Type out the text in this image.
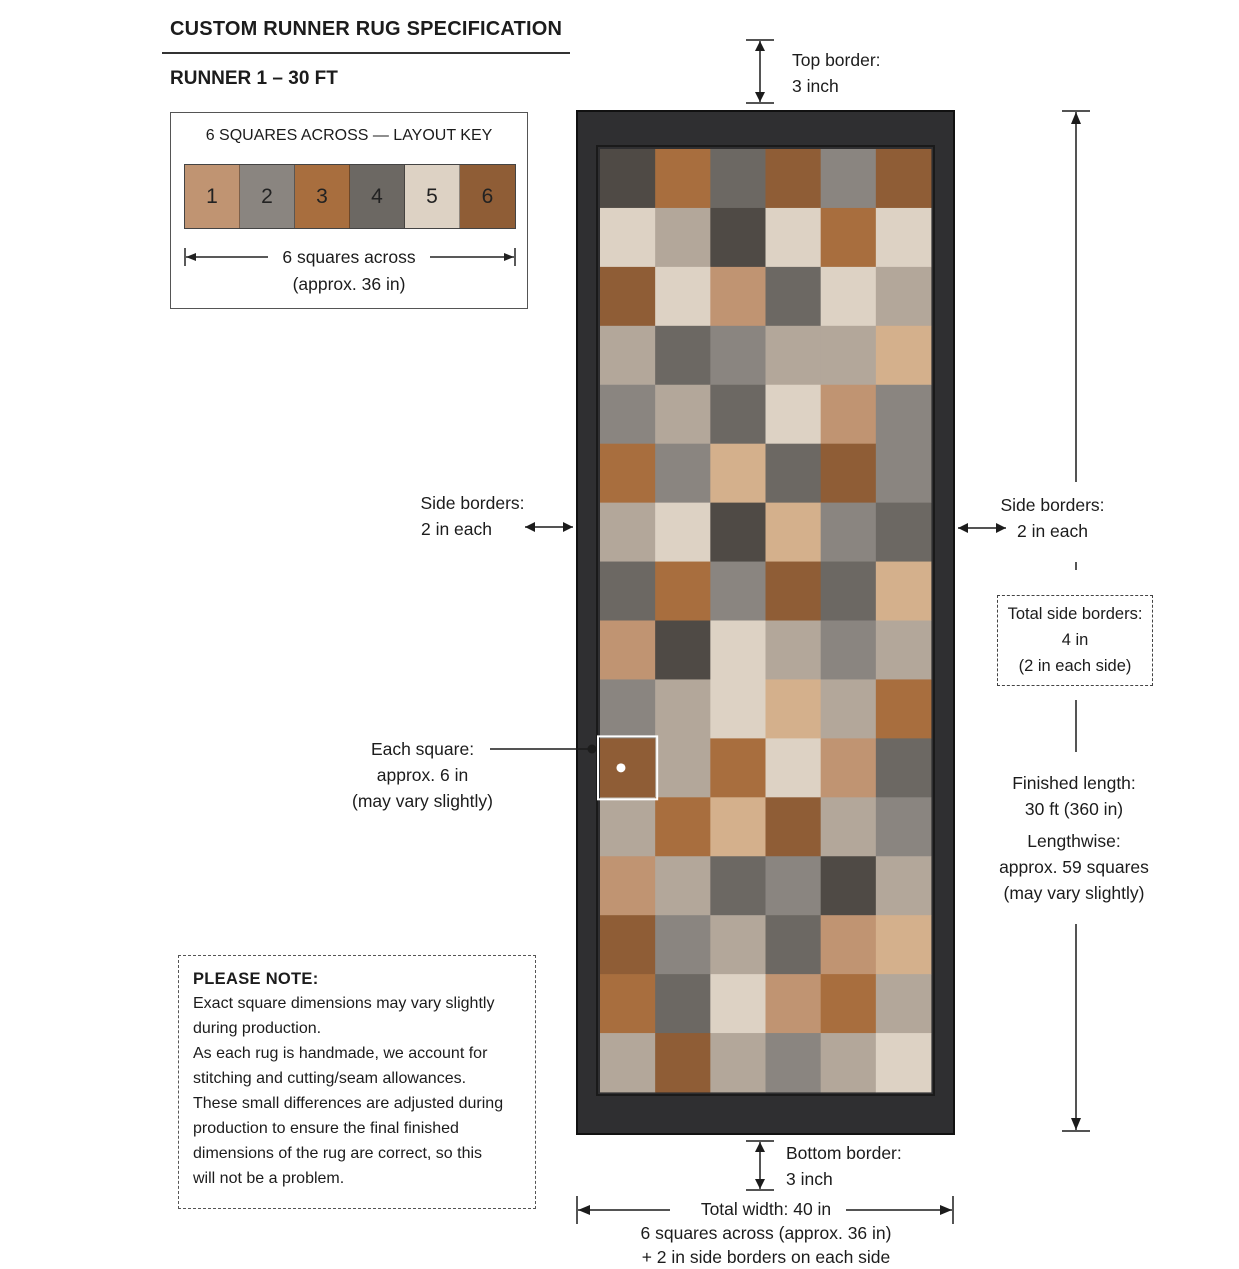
CUSTOM RUNNER RUG SPECIFICATION
RUNNER 1 – 30 FT
6 SQUARES ACROSS — LAYOUT KEY
1 2 3 4 5 6
6 squares across
(approx. 36 in)
Top border:
3 inch
Side borders:
2 in each
Side borders:
2 in each
Total side borders:
4 in
(2 in each side)
Each square:
approx. 6 in
(may vary slightly)
Finished length:
30 ft (360 in)
Lengthwise:
approx. 59 squares
(may vary slightly)
Bottom border:
3 inch
Total width: 40 in
6 squares across (approx. 36 in)
+ 2 in side borders on each side
PLEASE NOTE:
Exact square dimensions may vary slightly
during production.
As each rug is handmade, we account for
stitching and cutting/seam allowances.
These small differences are adjusted during
production to ensure the final finished
dimensions of the rug are correct, so this
will not be a problem.
